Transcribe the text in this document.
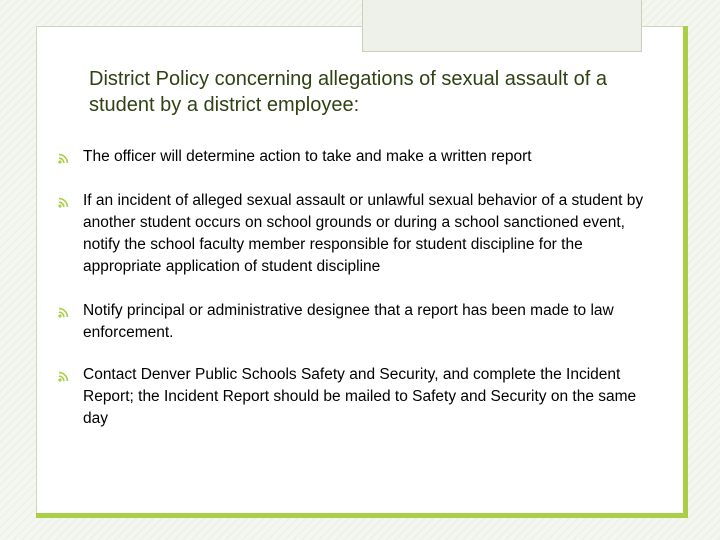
District Policy concerning allegations of sexual assault of a student by a district employee:
The officer will determine action to take and make a written report
If an incident of alleged sexual assault or unlawful sexual behavior of a student by another student occurs on school grounds or during a school sanctioned event, notify the school faculty member responsible for student discipline for the appropriate application of student discipline
Notify principal or administrative designee that a report has been made to law enforcement.
Contact Denver Public Schools Safety and Security, and complete the Incident Report; the Incident Report should be mailed to Safety and Security on the same day
